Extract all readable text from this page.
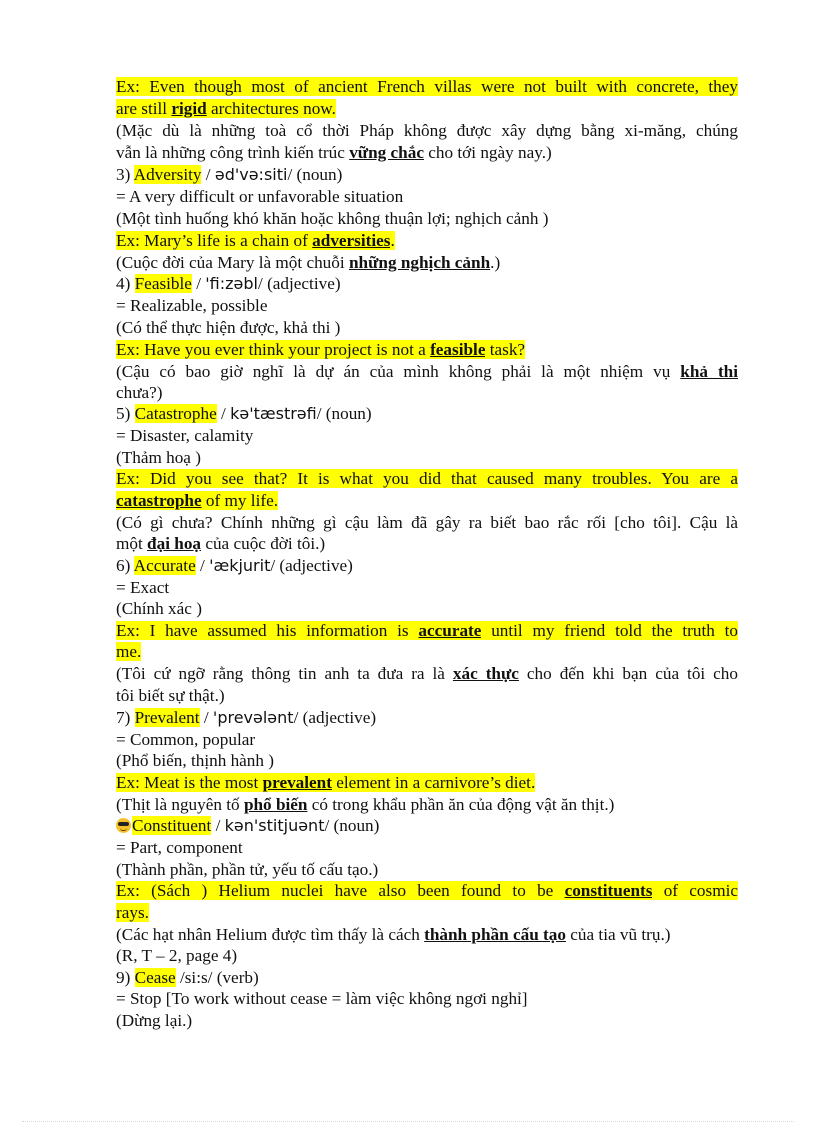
Ex: Even though most of ancient French villas were not built with concrete, they
are still rigid architectures now.
(Mặc dù là những toà cổ thời Pháp không được xây dựng bằng xi-măng, chúng
vẫn là những công trình kiến trúc vững chắc cho tới ngày nay.)
3) Adversity / əd'və:siti/ (noun)
= A very difficult or unfavorable situation
(Một tình huống khó khăn hoặc không thuận lợi; nghịch cảnh )
Ex: Mary’s life is a chain of adversities.
(Cuộc đời của Mary là một chuỗi những nghịch cảnh.)
4) Feasible / 'fi:zəbl/ (adjective)
= Realizable, possible
(Có thể thực hiện được, khả thi )
Ex: Have you ever think your project is not a feasible task?
(Cậu có bao giờ nghĩ là dự án của mình không phải là một nhiệm vụ khả thi
chưa?)
5) Catastrophe / kə'tæstrəfi/ (noun)
= Disaster, calamity
(Thảm hoạ )
Ex: Did you see that? It is what you did that caused many troubles. You are a
catastrophe of my life.
(Có gì chưa? Chính những gì cậu làm đã gây ra biết bao rắc rối [cho tôi]. Cậu là
một đại hoạ của cuộc đời tôi.)
6) Accurate / 'ækjurit/ (adjective)
= Exact
(Chính xác )
Ex: I have assumed his information is accurate until my friend told the truth to
me.
(Tôi cứ ngỡ rằng thông tin anh ta đưa ra là xác thực cho đến khi bạn của tôi cho
tôi biết sự thật.)
7) Prevalent / 'prevələnt/ (adjective)
= Common, popular
(Phổ biến, thịnh hành )
Ex: Meat is the most prevalent element in a carnivore’s diet.
(Thịt là nguyên tố phổ biến có trong khẩu phần ăn của động vật ăn thịt.)
Constituent / kən'stitjuənt/ (noun)
= Part, component
(Thành phần, phần tử, yếu tố cấu tạo.)
Ex: (Sách ) Helium nuclei have also been found to be constituents of cosmic
rays.
(Các hạt nhân Helium được tìm thấy là cách thành phần cấu tạo của tia vũ trụ.)
(R, T – 2, page 4)
9) Cease /si:s/ (verb)
= Stop [To work without cease = làm việc không ngơi nghỉ]
(Dừng lại.)
